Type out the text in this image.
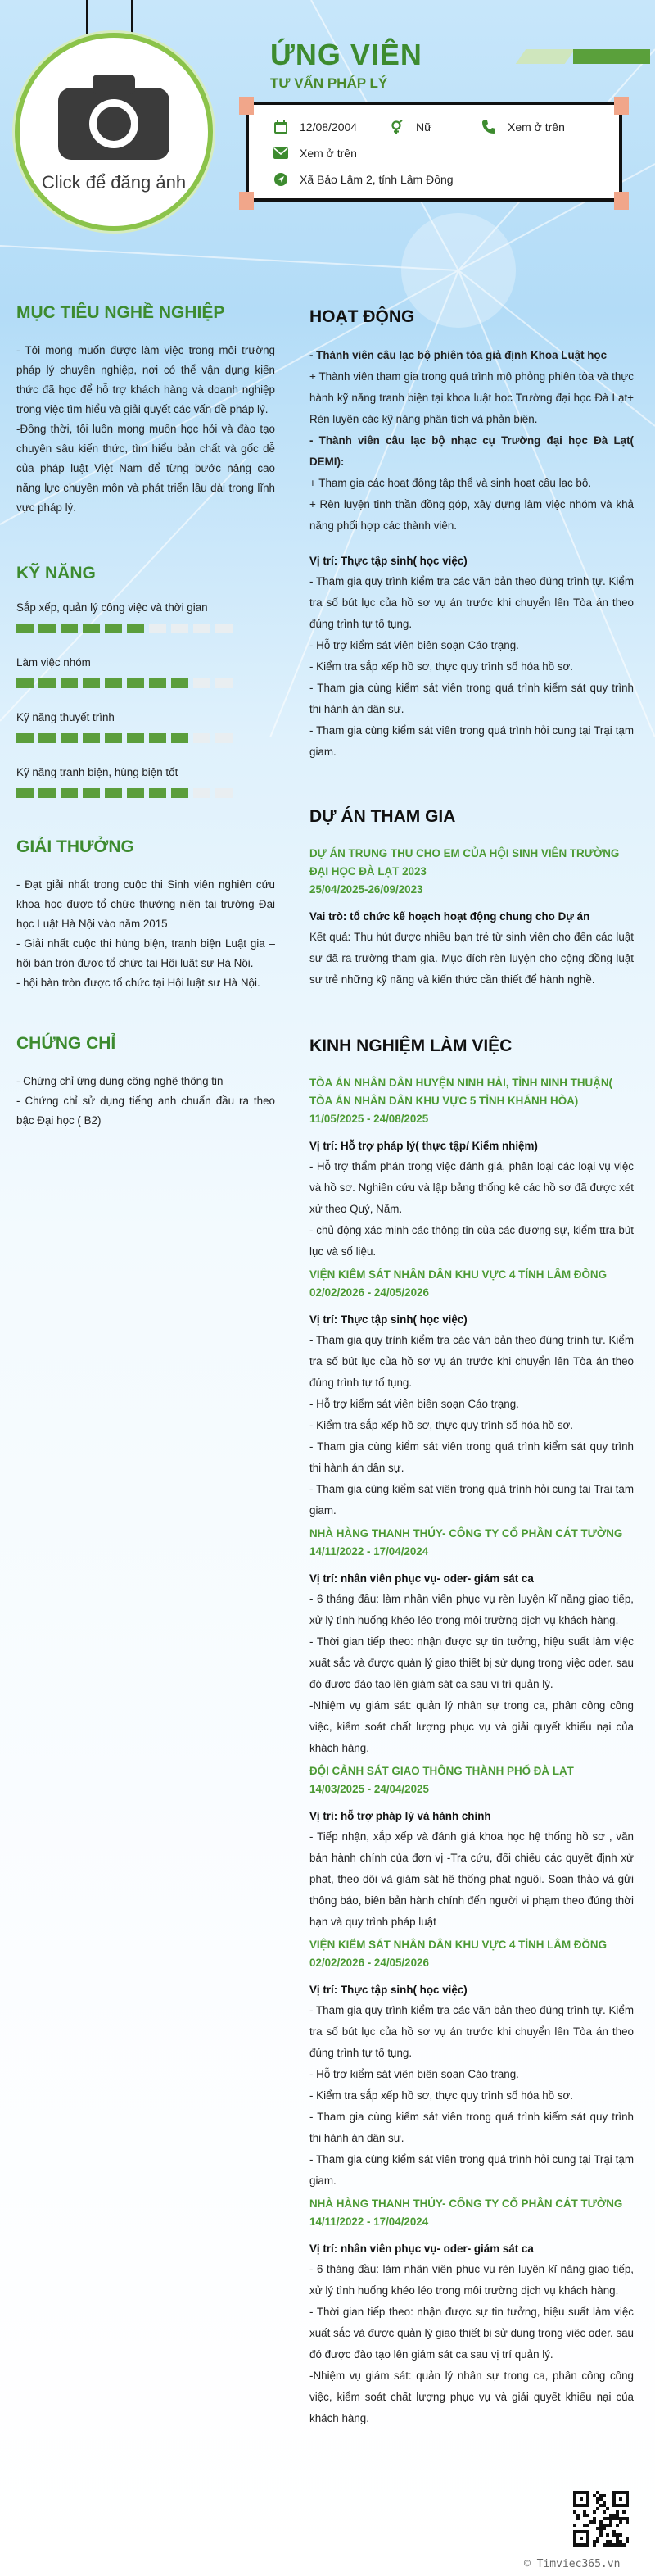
Click để đăng ảnh
ỨNG VIÊN
TƯ VẤN PHÁP LÝ
12/08/2004	Nữ	Xem ở trên
Xem ở trên
Xã Bảo Lâm 2, tỉnh Lâm Đồng
MỤC TIÊU NGHỀ NGHIỆP

- Tôi mong muốn được làm việc trong môi trường pháp lý chuyên nghiệp, nơi có thể vận dụng kiến thức đã học để hỗ trợ khách hàng và doanh nghiệp trong việc tìm hiểu và giải quyết các vấn đề pháp lý.

-Đồng thời, tôi luôn mong muốn học hỏi và đào tạo chuyên sâu kiến thức, tìm hiểu bản chất và gốc dễ của pháp luật Việt Nam để từng bước nâng cao năng lực chuyên môn và phát triển lâu dài trong lĩnh vực pháp lý.

KỸ NĂNG
Sắp xếp, quản lý công việc và thời gian
Làm việc nhóm
Kỹ năng thuyết trình
Kỹ năng tranh biện, hùng biện tốt
GIẢI THƯỞNG

- Đạt giải nhất trong cuộc thi Sinh viên nghiên cứu khoa học được tổ chức thường niên tại trường Đại học Luật Hà Nội vào năm 2015

- Giải nhất cuộc thi hùng biện, tranh biện Luật gia – hội bàn tròn được tổ chức tại Hội luật sư Hà Nội.

- hội bàn tròn được tổ chức tại Hội luật sư Hà Nội.

CHỨNG CHỈ

- Chứng chỉ ứng dụng công nghệ thông tin

- Chứng chỉ sử dụng tiếng anh chuẩn đầu ra theo bậc Đại học ( B2)

HOẠT ĐỘNG
- Thành viên câu lạc bộ phiên tòa giả định Khoa Luật học
+ Thành viên tham gia trong quá trình mô phỏng phiên tòa và thực hành kỹ năng tranh biện tại khoa luật học Trường đại học Đà Lạt+ Rèn luyện các kỹ năng phân tích và phản biện.
- Thành viên câu lạc bộ nhạc cụ Trường đại học Đà Lạt( DEMI):
+ Tham gia các hoạt động tập thể và sinh hoạt câu lạc bộ.
+ Rèn luyện tinh thần đồng góp, xây dựng làm việc nhóm và khả năng phối hợp các thành viên.
Vị trí: Thực tập sinh( học việc)
- Tham gia quy trình kiểm tra các văn bản theo đúng trình tự. Kiểm tra số bút lục của hồ sơ vụ án trước khi chuyển lên Tòa án theo đúng trình tự tố tụng.
- Hỗ trợ kiểm sát viên biên soạn Cáo trạng.
- Kiểm tra sắp xếp hồ sơ, thực quy trình số hóa hồ sơ.
- Tham gia cùng kiểm sát viên trong quá trình kiểm sát quy trình thi hành án dân sự.
- Tham gia cùng kiểm sát viên trong quá trình hỏi cung tại Trại tạm giam.
DỰ ÁN THAM GIA
DỰ ÁN TRUNG THU CHO EM CỦA HỘI SINH VIÊN TRƯỜNG ĐẠI HỌC ĐÀ LẠT 2023
25/04/2025-26/09/2023
Vai trò: tổ chức kế hoạch hoạt động chung cho Dự án
Kết quả: Thu hút được nhiều bạn trẻ từ sinh viên cho đến các luật sư đã ra trường tham gia. Mục đích rèn luyện cho cộng đồng luật sư trẻ những kỹ năng và kiến thức cần thiết để hành nghề.
KINH NGHIỆM LÀM VIỆC
TÒA ÁN NHÂN DÂN HUYỆN NINH HẢI, TỈNH NINH THUẬN( TÒA ÁN NHÂN DÂN KHU VỰC 5 TỈNH KHÁNH HÒA)
11/05/2025 - 24/08/2025
Vị trí: Hỗ trợ pháp lý( thực tập/ Kiểm nhiệm)
- Hỗ trợ thẩm phán trong việc đánh giá, phân loại các loại vụ việc và hồ sơ. Nghiên cứu và lập bảng thống kê các hồ sơ đã được xét xử theo Quý, Năm.
- chủ động xác minh các thông tin của các đương sự, kiểm ttra bút lục và số liệu.
VIỆN KIỂM SÁT NHÂN DÂN KHU VỰC 4 TỈNH LÂM ĐỒNG
02/02/2026 - 24/05/2026
Vị trí: Thực tập sinh( học việc)
- Tham gia quy trình kiểm tra các văn bản theo đúng trình tự. Kiểm tra số bút lục của hồ sơ vụ án trước khi chuyển lên Tòa án theo đúng trình tự tố tụng.
- Hỗ trợ kiểm sát viên biên soạn Cáo trạng.
- Kiểm tra sắp xếp hồ sơ, thực quy trình số hóa hồ sơ.
- Tham gia cùng kiểm sát viên trong quá trình kiểm sát quy trình thi hành án dân sự.
- Tham gia cùng kiểm sát viên trong quá trình hỏi cung tại Trại tạm giam.
NHÀ HÀNG THANH THÚY- CÔNG TY CỔ PHẦN CÁT TƯỜNG
14/11/2022 - 17/04/2024
Vị trí: nhân viên phục vụ- oder- giám sát ca
- 6 tháng đầu: làm nhân viên phục vụ rèn luyện kĩ năng giao tiếp, xử lý tình huống khéo léo trong môi trường dịch vụ khách hàng.
- Thời gian tiếp theo: nhận được sự tin tưởng, hiệu suất làm việc xuất sắc và được quản lý giao thiết bị sử dụng trong việc oder. sau đó được đào tạo lên giám sát ca sau vị trí quản lý.
-Nhiệm vụ giám sát: quản lý nhân sự trong ca, phân công công việc, kiểm soát chất lượng phục vụ và giải quyết khiếu nại của khách hàng.
ĐỘI CẢNH SÁT GIAO THÔNG THÀNH PHỐ ĐÀ LẠT
14/03/2025 - 24/04/2025
Vị trí: hỗ trợ pháp lý và hành chính
- Tiếp nhận, xắp xếp và đánh giá khoa học hệ thống hồ sơ , văn bản hành chính của đơn vị -Tra cứu, đối chiếu các quyết định xử phạt, theo dõi và giám sát hệ thống phạt nguội. Soạn thảo và gửi thông báo, biên bản hành chính đến người vi phạm theo đúng thời hạn và quy trình pháp luật
VIỆN KIỂM SÁT NHÂN DÂN KHU VỰC 4 TỈNH LÂM ĐỒNG
02/02/2026 - 24/05/2026
Vị trí: Thực tập sinh( học việc)
- Tham gia quy trình kiểm tra các văn bản theo đúng trình tự. Kiểm tra số bút lục của hồ sơ vụ án trước khi chuyển lên Tòa án theo đúng trình tự tố tụng.
- Hỗ trợ kiểm sát viên biên soạn Cáo trạng.
- Kiểm tra sắp xếp hồ sơ, thực quy trình số hóa hồ sơ.
- Tham gia cùng kiểm sát viên trong quá trình kiểm sát quy trình thi hành án dân sự.
- Tham gia cùng kiểm sát viên trong quá trình hỏi cung tại Trại tạm giam.
NHÀ HÀNG THANH THÚY- CÔNG TY CỔ PHẦN CÁT TƯỜNG
14/11/2022 - 17/04/2024
Vị trí: nhân viên phục vụ- oder- giám sát ca
- 6 tháng đầu: làm nhân viên phục vụ rèn luyện kĩ năng giao tiếp, xử lý tình huống khéo léo trong môi trường dịch vụ khách hàng.
- Thời gian tiếp theo: nhận được sự tin tưởng, hiệu suất làm việc xuất sắc và được quản lý giao thiết bị sử dụng trong việc oder. sau đó được đào tạo lên giám sát ca sau vị trí quản lý.
-Nhiệm vụ giám sát: quản lý nhân sự trong ca, phân công công việc, kiểm soát chất lượng phục vụ và giải quyết khiếu nại của khách hàng.
© Timviec365.vn
